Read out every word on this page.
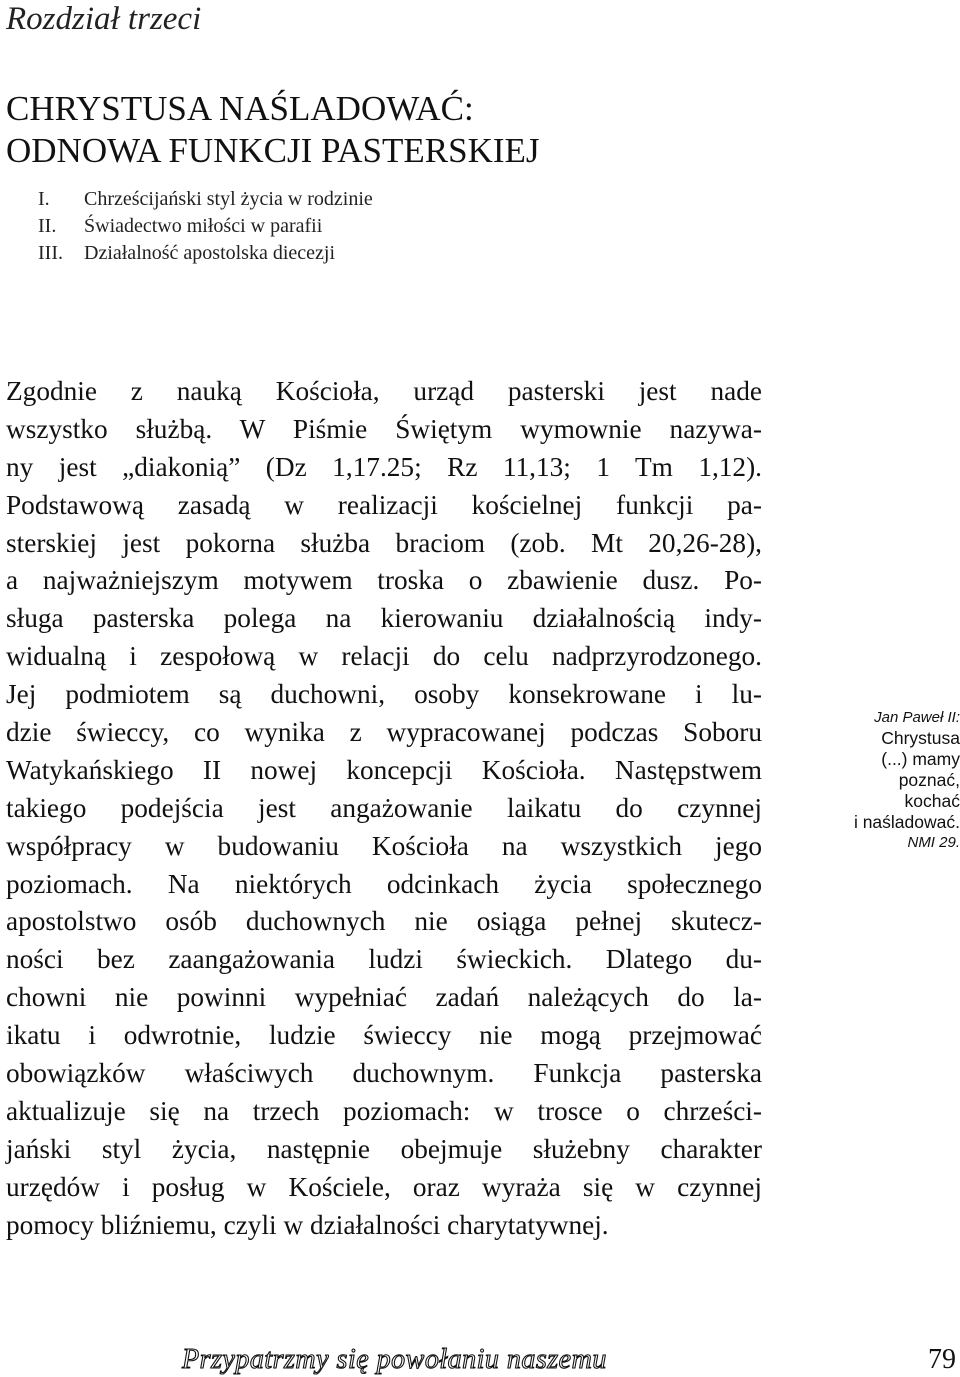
Rozdział trzeci
CHRYSTUSA NAŚLADOWAĆ:
ODNOWA FUNKCJI PASTERSKIEJ
I.	Chrześcijański styl życia w rodzinie
II.	Świadectwo miłości w parafii
III.	Działalność apostolska diecezji
Zgodnie z nauką Kościoła, urząd pasterski jest nade
wszystko służbą. W Piśmie Świętym wymownie nazywa-
ny jest „diakonią” (Dz 1,17.25; Rz 11,13; 1 Tm 1,12).
Podstawową zasadą w realizacji kościelnej funkcji pa-
sterskiej jest pokorna służba braciom (zob. Mt 20,26-28),
a najważniejszym motywem troska o zbawienie dusz. Po-
sługa pasterska polega na kierowaniu działalnością indy-
widualną i zespołową w relacji do celu nadprzyrodzonego.
Jej podmiotem są duchowni, osoby konsekrowane i lu-
dzie świeccy, co wynika z wypracowanej podczas Soboru
Watykańskiego II nowej koncepcji Kościoła. Następstwem
takiego podejścia jest angażowanie laikatu do czynnej
współpracy w budowaniu Kościoła na wszystkich jego
poziomach. Na niektórych odcinkach życia społecznego
apostolstwo osób duchownych nie osiąga pełnej skutecz-
ności bez zaangażowania ludzi świeckich. Dlatego du-
chowni nie powinni wypełniać zadań należących do la-
ikatu i odwrotnie, ludzie świeccy nie mogą przejmować
obowiązków właściwych duchownym. Funkcja pasterska
aktualizuje się na trzech poziomach: w trosce o chrześci-
jański styl życia, następnie obejmuje służebny charakter
urzędów i posług w Kościele, oraz wyraża się w czynnej
pomocy bliźniemu, czyli w działalności charytatywnej.
Jan Paweł II:
Chrystusa
(...) mamy
poznać,
kochać
i naśladować.
NMI 29.
Przypatrzmy się powołaniu naszemu	79
